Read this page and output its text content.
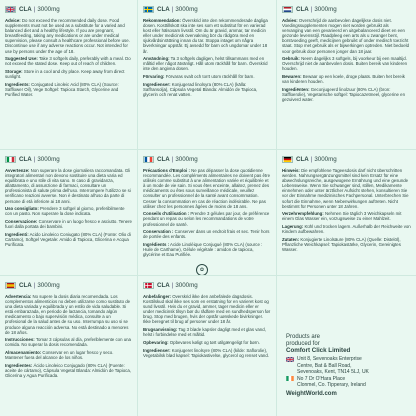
CLA | 3000mg

Advice: Do not exceed the recommended daily dose. Food supplements must not be used as a substitute for a varied and balanced diet and a healthy lifestyle. If you are pregnant, breastfeeding, taking any medications or are under medical supervision, please consult a healthcare professional before use. Discontinue use if any adverse reactions occur. Not intended for use by persons under the age of 18.

Suggested Use: Take 3 softgels daily, preferably with a meal. Do not exceed the stated dose. Keep out of reach of children.

Storage: Store in a cool and dry place. Keep away from direct sunlight.

Ingredients: Conjugated Linoleic Acid (80% CLA) (Source: Safflower Oil), Vege Softgel: Tapioca Starch, Glycerine and Purified Water.

CLA | 3000mg

Rekommendation: Överskrid inte den rekommenderade dagliga dosen. Kosttillskott ska inte ses som ett substitut för en varierad kost eller hälsosam livsstil. Om du är gravid, ammar, tar medicin eller under medicinsk övervakning bör du rådgöra med en sjukvårdsinrättning innan du tar. Stoppa intaget om några biverkningar uppstår. Ej avsedd för barn och ungdomar under 18 år.

Användning: Ta 3 softgels dagligen, helst tillsammans med en måltid eller något ätvänligt. Håll utom räckhåll för barn. Överskrid inte den angivna dosen.

Förvaring: Förvaras svalt och torrt utom räckhåll för barn.

Ingredienser: Konjugerad linolsyra (80% CLA) (källa: Saffransolja), Cápsula Vegetal Blanda: Almidón de Tapioca, glycerin och renat vatten.

CLA | 3000mg

Advies: Overschrijd de aanbevolen dagelijkse dosis niet. Voedingssupplementen mogen niet worden gebruikt als vervanging van een gevarieerd en uitgebalanceerd dieet en een gezonde levensstijl. Raadpleeg een arts als u zwanger bent, borstvoeding geeft, medicijnen gebruikt of onder medisch toezicht staat. Stop met gebruik als er bijwerkingen optreden. Niet bedoeld voor gebruik door personen jonger dan 18 jaar.

Gebruik: Neem dagelijks 3 softgels, bij voorkeur bij een maaltijd. Overschrijd niet de aanbevolen dosis. Buiten bereik van kinderen houden.

Bewaren: Bewaar op een koele, droge plaats. Buiten het bereik van kinderen houden.

Ingrediënten: Geconjugeerd linolzuur (80% CLA) (bron: Saffloerolie), Vegetarische softgel: Tapiocazetmeel, glycerine en gezuiverd water.

CLA | 3000mg

Avvertenze: Non superare la dose giornaliera raccomandata. Gli integratori alimentari non devono sostituire una dieta varia ed equilibrata e uno stile di vita sano. In caso di gravidanza, allattamento, di assunzione di farmaci, consultare un professionista di salute prima dell'uso. Interrompere l'utilizzo se si verificano reazioni avverse. Non è destinato all'uso da parte di persone di età inferiore ai 18 anni.

Uso consigliato: Prendere 3 softgel al giorno, preferibilmente con un pasto. Non superare la dose indicata.

Conservazione: Conservare in un luogo fresco e asciutto. Tenere fuori dalla portata dei bambini.

Ingredienti: Acido Linoleico Coniugato (80% CLA) (Fonte: Olio di Cartamo), Softgel Vegetale: Amido di Tapioca, Glicerina e Acqua Purificata.

CLA | 3000mg

Précautions d'Emploi : Ne pas dépasser la dose quotidienne recommandée. Les compléments alimentaires ne doivent pas être utilisés comme substitut à une alimentation variée et équilibrée et à un mode de vie sain. Si vous êtes enceinte, allaitez, prenez des médicaments ou êtes sous surveillance médicale, veuillez consulter un professionnel de la santé avant consommation. Cesser la consommation en cas de réaction indésirable. Ne pas utiliser chez les personnes âgées de moins de 18 ans.

Conseils d'utilisation : Prendre 3 gélules par jour, de préférence pendant un repas ou selon les recommandations de votre professionnel de santé.

Conservation : Conserver dans un endroit frais et sec. Tenir hors de portée des enfants.

Ingrédients : Acide Linoléique Conjugué (80% CLA) (source : Huile de Carthame), Gélule végétale : amidon de tapioca, glycérine et Eau Purifiée.

✿
CLA | 3000mg

Hinweis: Die empfohlene Tageesdosis darf nicht überschritten werden. Nahrungsergänzungsmittel sind kein Ersatz für eine abwechslungsreiche, ausgewogene Ernährung und eine gesunde Lebensweise. Wenn Sie schwanger sind, stillen, Medikamente einnehmen oder unter ärztlicher Aufsicht stehen, konsultieren Sie vor der Einnahme medizinisches Fachpersonal. Unterbrechen Sie sofort die Einnahme, wenn Nebenwirkungen auftreten. Nicht bestimmt für Personen unter 18 Jahren.

Verzehrempfehlung: Nehmen Sie täglich 3 Weichkapseln mit einem Glas Wasser ein, vorzugsweise zu einer Mahlzeit.

Lagerung: Kühl und trocken lagern. Außerhalb der Reichweite von Kindern aufbewahren.

Zutaten: Konjugierte Linolsäure (80% CLA) (Quelle: Distelöl), Pflanzliche Weichkapsel: Tapiokastärke, Glycerin, Gereinigtes Wasser.

CLA | 3000mg

Advertencia: No supere la dosis diaria recomendada. Los complementos alimenticios no deben utilizarse como sustituto de una dieta variada y equilibrada y un estilo de vida saludable. Si está embarazada, en periodo de lactancia, tomando algún medicamento o bajo supervisión médica, consulte a un profesional de la salud antes de su uso. Interrumpa su uso si se produce alguna reacción adversa. No está destinado a menores de 18 años.

Instrucciones: Tomar 3 cápsulas al día, preferiblemente con una comida. No superar la dosis recomendada.

Almacenamiento: Conservar en un lugar fresco y seco. Mantener fuera del alcance de los niños.

Ingredientes: Ácido Linoleico Conjugado (80% CLA) (Fuente: aceite de cártamo), Cápsula Vegetal Blanda: Almidón de Tapioca, Glicerina y Agua Purificada.

CLA | 3000mg

Anbefalinger: Overskrid ikke den anbefalede dagsdosis. Kosttilskud skal ikke ses som en erstatning for en varieret kost og sund livsstil. Hvis du er gravid, ammer, tager medicin eller er under medicinsk tilsyn bør du rådføre med en sundhedsperson før brug. Stop med brugen, hvis der opstår uønskede bivirkninger. Ikke beregnet til brug af personer under 18 år.

Brugsanvisning: Tag 3 bløde kapsler dagligt med et glas vand, helst i forbindelse med et måltid.

Opbevaring: Opbevares køligt og tørt utilgængeligt for børn.

Ingredienser: Konjugeret linolsyre (80% CLA) (kilde: Saflorolie), Vegetabilsk blød kapsel: Tapiokastivelse, glycerol og renset vand.

Products are
produced for
Comfort Click Limited
Unit 8, Sevenoaks Enterprise
Centre, Bat & Ball Road,
Sevenoaks, Kent, TN14 5LJ, UK
No 7 Dr O'Hara Place
Clonmel, Co. Tipperary, Ireland
WeightWorld.com
